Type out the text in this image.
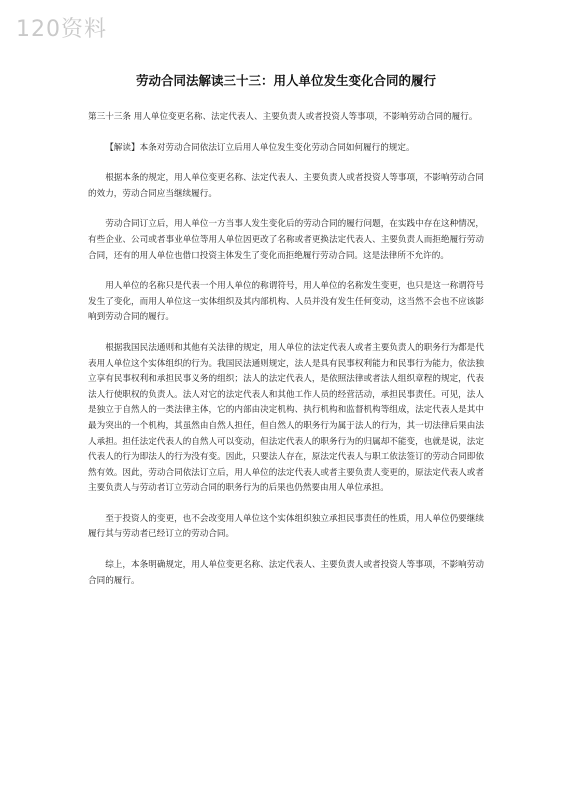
120资料
劳动合同法解读三十三：用人单位发生变化合同的履行

第三十三条 用人单位变更名称、法定代表人、主要负责人或者投资人等事项，不影响劳动合同的履行。

【解读】本条对劳动合同依法订立后用人单位发生变化劳动合同如何履行的规定。

根据本条的规定，用人单位变更名称、法定代表人、主要负责人或者投资人等事项，不影响劳动合同的效力，劳动合同应当继续履行。

劳动合同订立后，用人单位一方当事人发生变化后的劳动合同的履行问题，在实践中存在这种情况，有些企业、公司或者事业单位等用人单位因更改了名称或者更换法定代表人、主要负责人而拒绝履行劳动合同，还有的用人单位也借口投资主体发生了变化而拒绝履行劳动合同。这是法律所不允许的。

用人单位的名称只是代表一个用人单位的称谓符号，用人单位的名称发生变更，也只是这一称谓符号发生了变化，而用人单位这一实体组织及其内部机构、人员并没有发生任何变动，这当然不会也不应该影响到劳动合同的履行。

根据我国民法通则和其他有关法律的规定，用人单位的法定代表人或者主要负责人的职务行为都是代表用人单位这个实体组织的行为。我国民法通则规定，法人是具有民事权利能力和民事行为能力，依法独立享有民事权利和承担民事义务的组织；法人的法定代表人，是依照法律或者法人组织章程的规定，代表法人行使职权的负责人。法人对它的法定代表人和其他工作人员的经营活动，承担民事责任。可见，法人是独立于自然人的一类法律主体，它的内部由决定机构、执行机构和监督机构等组成，法定代表人是其中最为突出的一个机构，其虽然由自然人担任，但自然人的职务行为属于法人的行为，其一切法律后果由法人承担。担任法定代表人的自然人可以变动，但法定代表人的职务行为的归属却不能变，也就是说，法定代表人的行为即法人的行为没有变。因此，只要法人存在，原法定代表人与职工依法签订的劳动合同即依然有效。因此，劳动合同依法订立后，用人单位的法定代表人或者主要负责人变更的，原法定代表人或者主要负责人与劳动者订立劳动合同的职务行为的后果也仍然要由用人单位承担。

至于投资人的变更，也不会改变用人单位这个实体组织独立承担民事责任的性质，用人单位仍要继续履行其与劳动者已经订立的劳动合同。

综上，本条明确规定，用人单位变更名称、法定代表人、主要负责人或者投资人等事项，不影响劳动合同的履行。
